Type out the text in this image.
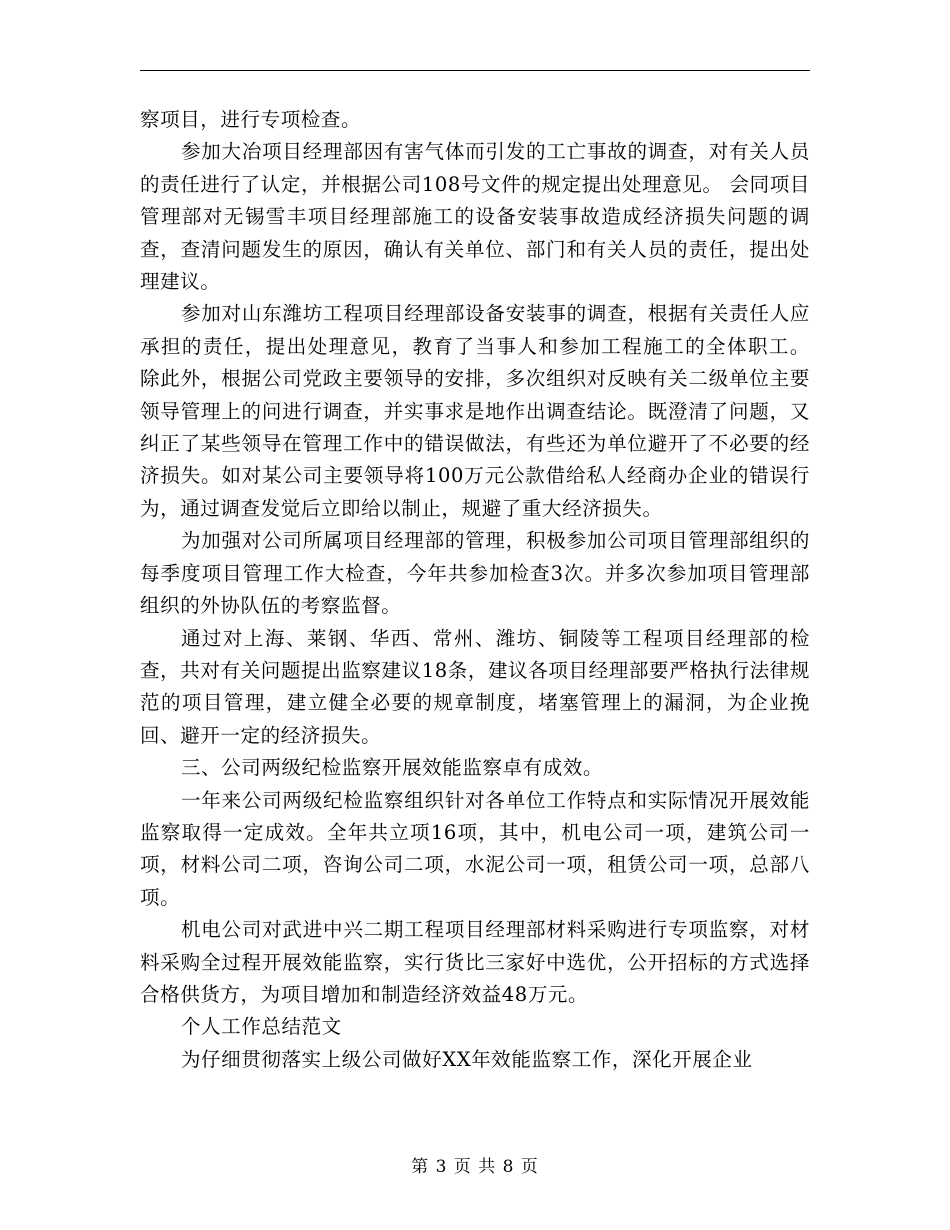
察项目，进行专项检查。

参加大冶项目经理部因有害气体而引发的工亡事故的调查，对有关人员的责任进行了认定，并根据公司108号文件的规定提出处理意见。 会同项目管理部对无锡雪丰项目经理部施工的设备安装事故造成经济损失问题的调查，查清问题发生的原因，确认有关单位、部门和有关人员的责任，提出处理建议。

参加对山东潍坊工程项目经理部设备安装事的调查，根据有关责任人应承担的责任，提出处理意见，教育了当事人和参加工程施工的全体职工。 除此外，根据公司党政主要领导的安排，多次组织对反映有关二级单位主要领导管理上的问进行调查，并实事求是地作出调查结论。既澄清了问题，又纠正了某些领导在管理工作中的错误做法，有些还为单位避开了不必要的经济损失。如对某公司主要领导将100万元公款借给私人经商办企业的错误行为，通过调查发觉后立即给以制止，规避了重大经济损失。

为加强对公司所属项目经理部的管理，积极参加公司项目管理部组织的每季度项目管理工作大检查，今年共参加检查3次。并多次参加项目管理部组织的外协队伍的考察监督。

通过对上海、莱钢、华西、常州、潍坊、铜陵等工程项目经理部的检查，共对有关问题提出监察建议18条，建议各项目经理部要严格执行法律规范的项目管理，建立健全必要的规章制度，堵塞管理上的漏洞，为企业挽回、避开一定的经济损失。

三、公司两级纪检监察开展效能监察卓有成效。

一年来公司两级纪检监察组织针对各单位工作特点和实际情况开展效能监察取得一定成效。全年共立项16项，其中，机电公司一项，建筑公司一项，材料公司二项，咨询公司二项，水泥公司一项，租赁公司一项，总部八项。

机电公司对武进中兴二期工程项目经理部材料采购进行专项监察，对材料采购全过程开展效能监察，实行货比三家好中选优，公开招标的方式选择合格供货方，为项目增加和制造经济效益48万元。

个人工作总结范文

为仔细贯彻落实上级公司做好XX年效能监察工作，深化开展企业

第 3 页 共 8 页
